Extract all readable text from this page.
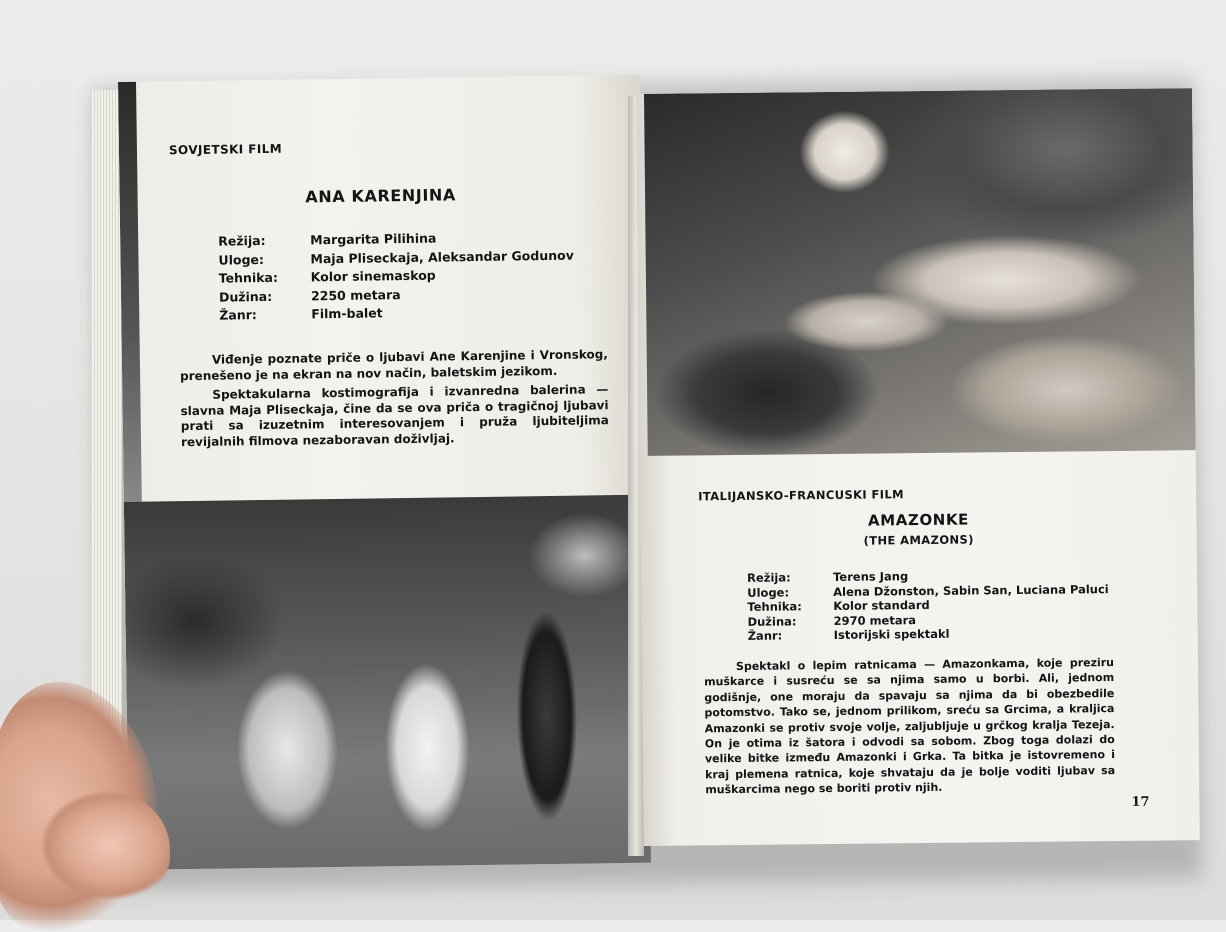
SOVJETSKI FILM
ANA KARENJINA
Režija:	Margarita Pilihina
Uloge:	Maja Pliseckaja, Aleksandar Godunov
Tehnika:	Kolor sinemaskop
Dužina:	2250 metara
Žanr:	Film-balet

Viđenje poznate priče o ljubavi Ane Karenjine i Vronskog, prenešeno je na ekran na nov način, baletskim jezikom.

Spektakularna kostimografija i izvanredna balerina — slavna Maja Pliseckaja, čine da se ova priča o tragičnoj ljubavi prati sa izuzetnim interesovanjem i pruža ljubiteljima revijalnih filmova nezaboravan doživljaj.

ITALIJANSKO-FRANCUSKI FILM
AMAZONKE
(THE AMAZONS)
Režija:	Terens Jang
Uloge:	Alena Džonston, Sabin San, Luciana Paluci
Tehnika:	Kolor standard
Dužina:	2970 metara
Žanr:	Istorijski spektakl

Spektakl o lepim ratnicama — Amazonkama, koje preziru muškarce i susreću se sa njima samo u borbi. Ali, jednom godišnje, one moraju da spavaju sa njima da bi obezbedile potomstvo. Tako se, jednom prilikom, sreću sa Grcima, a kraljica Amazonki se protiv svoje volje, zaljubljuje u grčkog kralja Tezeja. On je otima iz šatora i odvodi sa sobom. Zbog toga dolazi do velike bitke između Amazonki i Grka. Ta bitka je istovremeno i kraj plemena ratnica, koje shvataju da je bolje voditi ljubav sa muškarcima nego se boriti protiv njih.

17
